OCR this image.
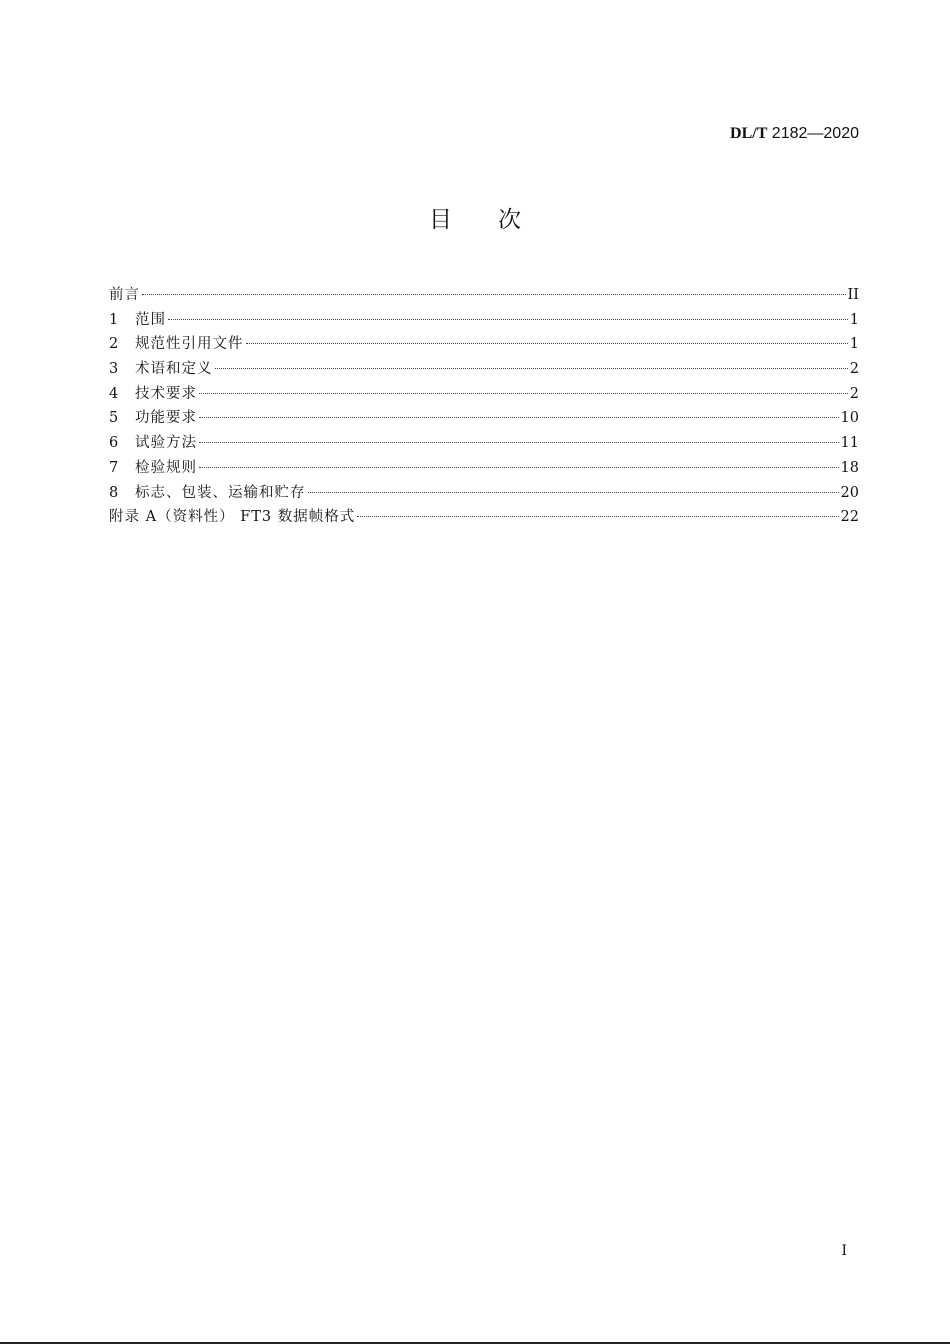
DL/T 2182—2020
目次
前言	II
1	范围	1
2	规范性引用文件	1
3	术语和定义	2
4	技术要求	2
5	功能要求	10
6	试验方法	11
7	检验规则	18
8	标志、包装、运输和贮存	20
附录 A（资料性） FT3 数据帧格式	22
I
